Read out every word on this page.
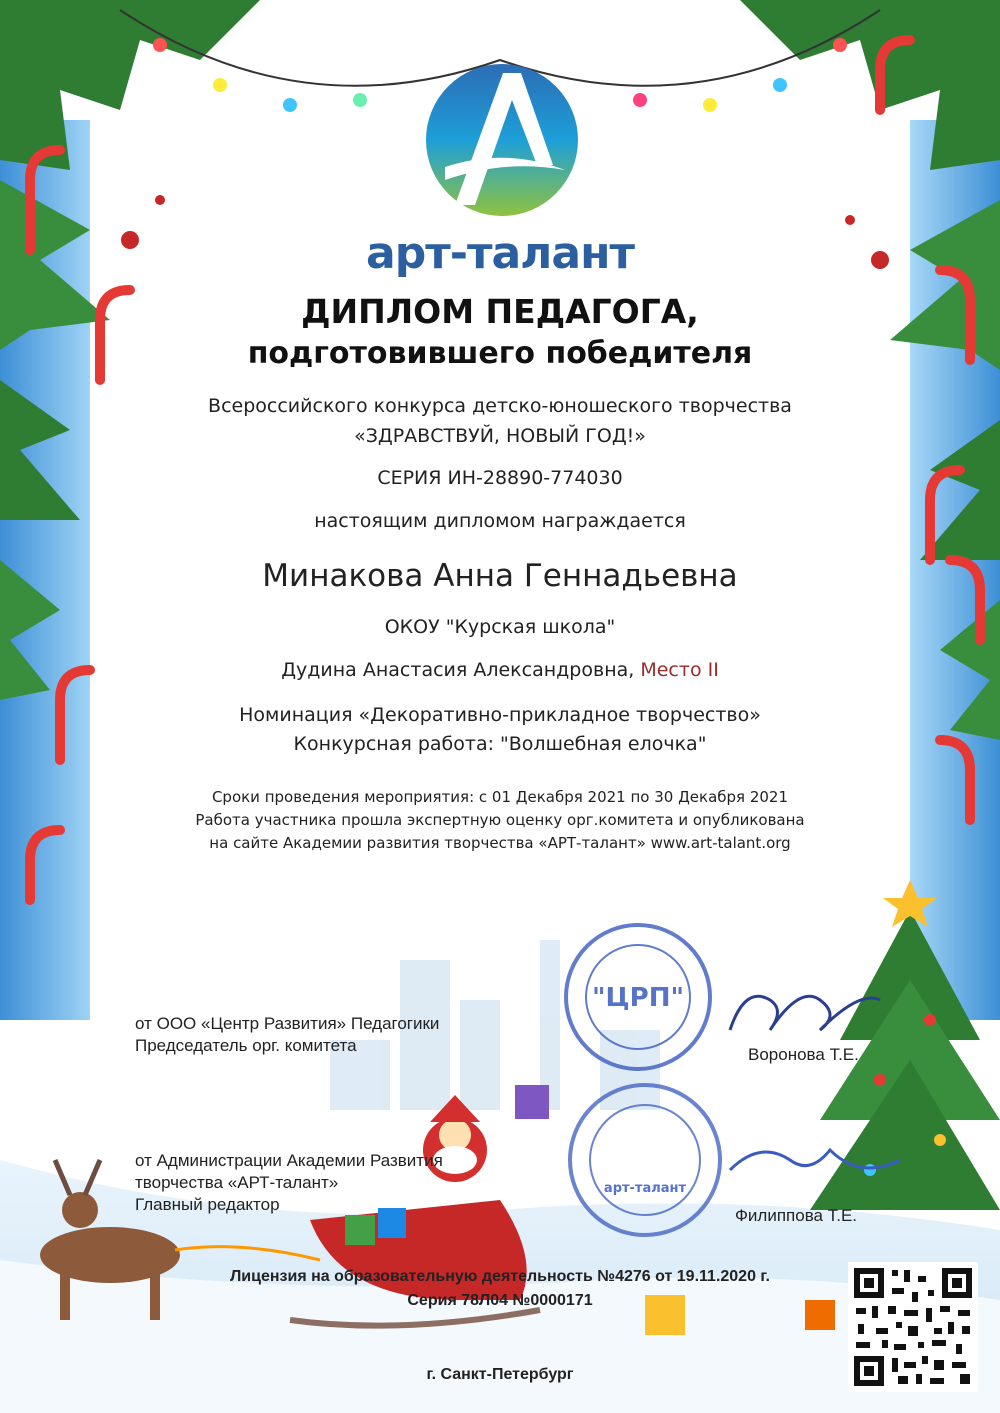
"ЦРП"
арт-талант
арт-талант
ДИПЛОМ ПЕДАГОГА,
подготовившего победителя
Всероссийского конкурса детско-юношеского творчества
«ЗДРАВСТВУЙ, НОВЫЙ ГОД!»
СЕРИЯ ИН-28890-774030
настоящим дипломом награждается
Минакова Анна Геннадьевна
ОКОУ "Курская школа"
Дудина Анастасия Александровна, Место II
Номинация «Декоративно-прикладное творчество»
Конкурсная работа: "Волшебная елочка"
Сроки проведения мероприятия: с 01 Декабря 2021 по 30 Декабря 2021
Работа участника прошла экспертную оценку орг.комитета и опубликована
на сайте Академии развития творчества «АРТ-талант» www.art-talant.org
от ООО «Центр Развития» Педагогики
Председатель орг. комитета	Воронова Т.Е.
от Администрации Академии Развития
творчества «АРТ-талант»
Главный редактор
Филиппова Т.Е.
Лицензия на образовательную деятельность №4276 от 19.11.2020 г.
Серия 78Л04 №0000171
г. Санкт-Петербург
